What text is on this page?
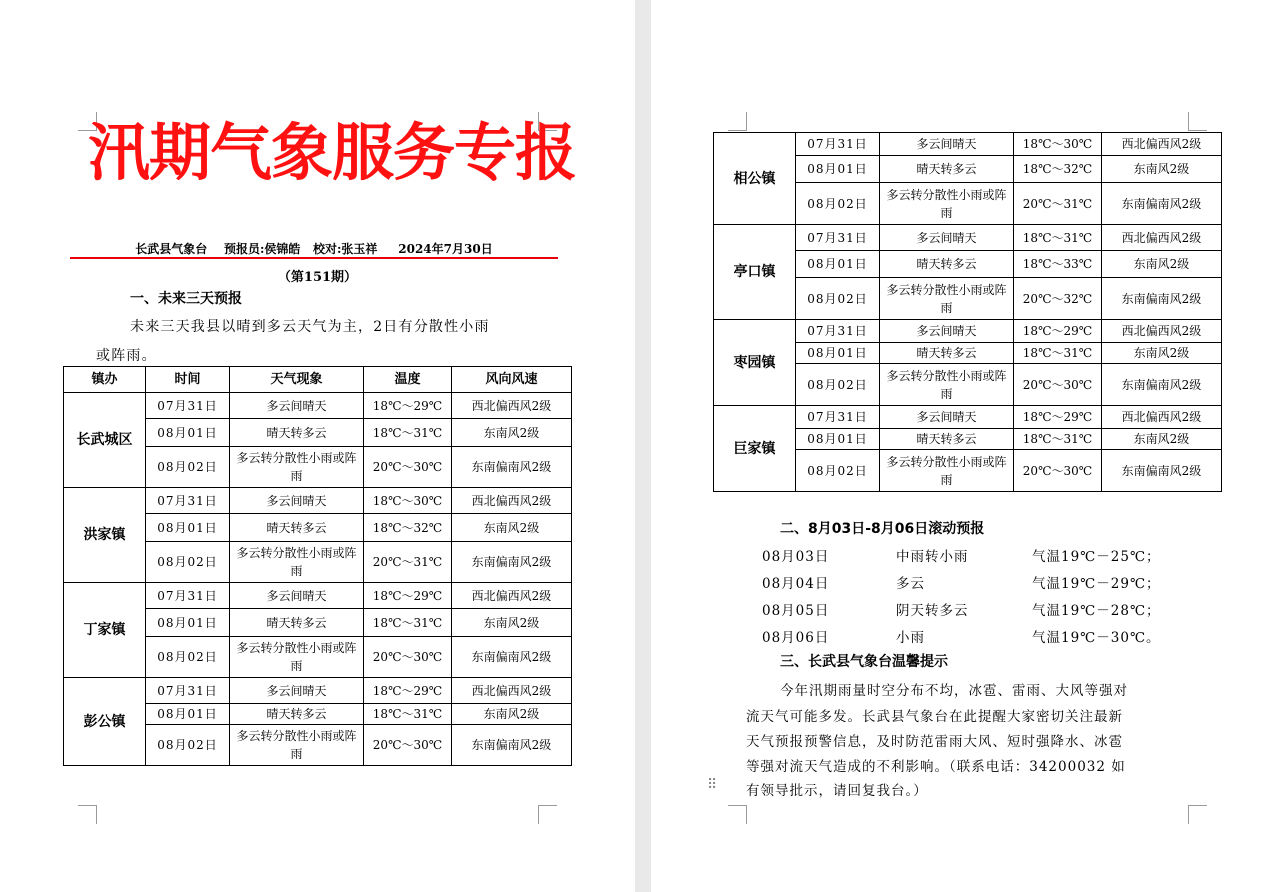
汛期气象服务专报
长武县气象台    预报员:侯锦皓   校对:张玉祥     2024年7月30日
（第151期）
一、未来三天预报
未来三天我县以晴到多云天气为主，2日有分散性小雨
或阵雨。
镇办	时间	天气现象	温度	风向风速
长武城区	07月31日	多云间晴天	18℃～29℃	西北偏西风2级
	08月01日	晴天转多云	18℃～31℃	东南风2级
	08月02日	多云转分散性小雨或阵雨	20℃～30℃	东南偏南风2级
洪家镇	07月31日	多云间晴天	18℃～30℃	西北偏西风2级
	08月01日	晴天转多云	18℃～32℃	东南风2级
	08月02日	多云转分散性小雨或阵雨	20℃～31℃	东南偏南风2级
丁家镇	07月31日	多云间晴天	18℃～29℃	西北偏西风2级
	08月01日	晴天转多云	18℃～31℃	东南风2级
	08月02日	多云转分散性小雨或阵雨	20℃～30℃	东南偏南风2级
彭公镇	07月31日	多云间晴天	18℃～29℃	西北偏西风2级
	08月01日	晴天转多云	18℃～31℃	东南风2级
	08月02日	多云转分散性小雨或阵雨	20℃～30℃	东南偏南风2级
相公镇	07月31日	多云间晴天	18℃～30℃	西北偏西风2级
	08月01日	晴天转多云	18℃～32℃	东南风2级
	08月02日	多云转分散性小雨或阵雨	20℃～31℃	东南偏南风2级
亭口镇	07月31日	多云间晴天	18℃～31℃	西北偏西风2级
	08月01日	晴天转多云	18℃～33℃	东南风2级
	08月02日	多云转分散性小雨或阵雨	20℃～32℃	东南偏南风2级
枣园镇	07月31日	多云间晴天	18℃～29℃	西北偏西风2级
	08月01日	晴天转多云	18℃～31℃	东南风2级
	08月02日	多云转分散性小雨或阵雨	20℃～30℃	东南偏南风2级
巨家镇	07月31日	多云间晴天	18℃～29℃	西北偏西风2级
	08月01日	晴天转多云	18℃～31℃	东南风2级
	08月02日	多云转分散性小雨或阵雨	20℃～30℃	东南偏南风2级
二、8月03日-8月06日滚动预报
08月03日	中雨转小雨	气温19℃－25℃；
08月04日	多云	气温19℃－29℃；
08月05日	阴天转多云	气温19℃－28℃；
08月06日	小雨	气温19℃－30℃。
三、长武县气象台温馨提示
今年汛期雨量时空分布不均，冰雹、雷雨、大风等强对
流天气可能多发。长武县气象台在此提醒大家密切关注最新
天气预报预警信息，及时防范雷雨大风、短时强降水、冰雹
等强对流天气造成的不利影响。（联系电话：34200032 如
有领导批示，请回复我台。）
⠿
